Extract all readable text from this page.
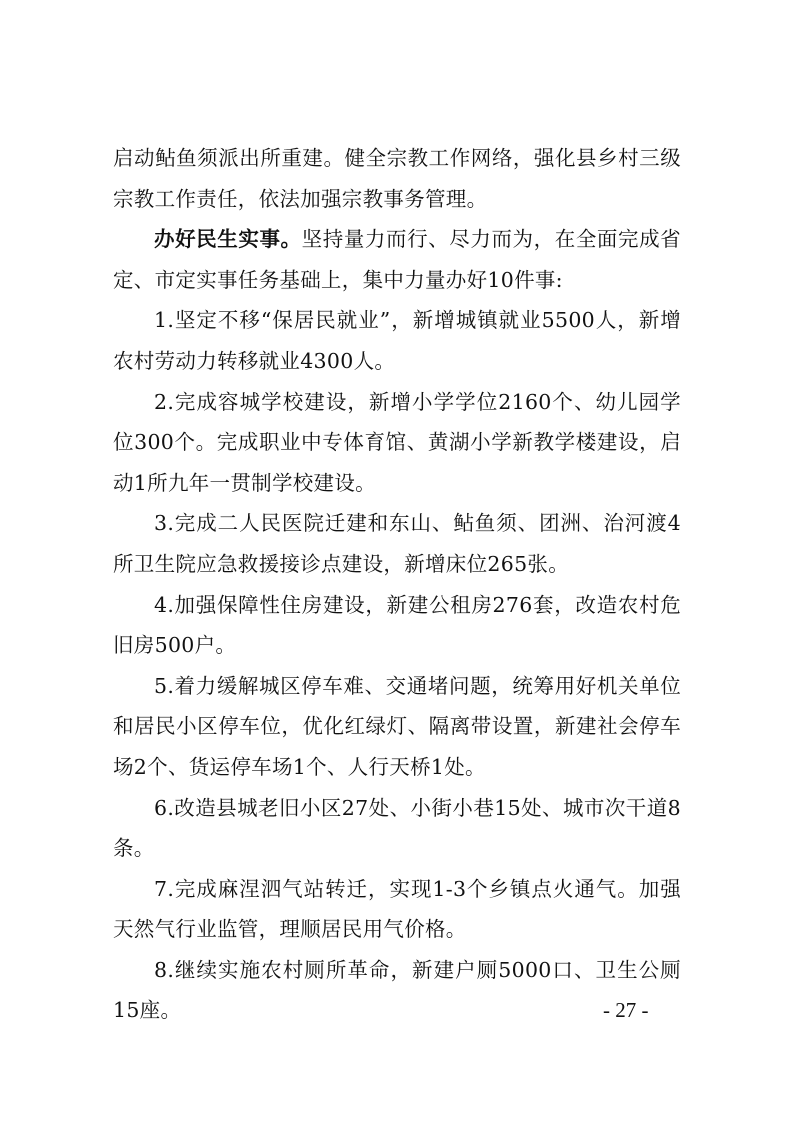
启动鲇鱼须派出所重建。健全宗教工作网络，强化县乡村三级宗教工作责任，依法加强宗教事务管理。

办好民生实事。坚持量力而行、尽力而为，在全面完成省定、市定实事任务基础上，集中力量办好10件事:

1.坚定不移“保居民就业”，新增城镇就业5500人，新增农村劳动力转移就业4300人。

2.完成容城学校建设，新增小学学位2160个、幼儿园学位300个。完成职业中专体育馆、黄湖小学新教学楼建设，启动1所九年一贯制学校建设。

3.完成二人民医院迁建和东山、鲇鱼须、团洲、治河渡4所卫生院应急救援接诊点建设，新增床位265张。

4.加强保障性住房建设，新建公租房276套，改造农村危旧房500户。

5.着力缓解城区停车难、交通堵问题，统筹用好机关单位和居民小区停车位，优化红绿灯、隔离带设置，新建社会停车场2个、货运停车场1个、人行天桥1处。

6.改造县城老旧小区27处、小街小巷15处、城市次干道8条。

7.完成麻涅泗气站转迁，实现1-3个乡镇点火通气。加强天然气行业监管，理顺居民用气价格。

8.继续实施农村厕所革命，新建户厕5000口、卫生公厕15座。	- 27 -
